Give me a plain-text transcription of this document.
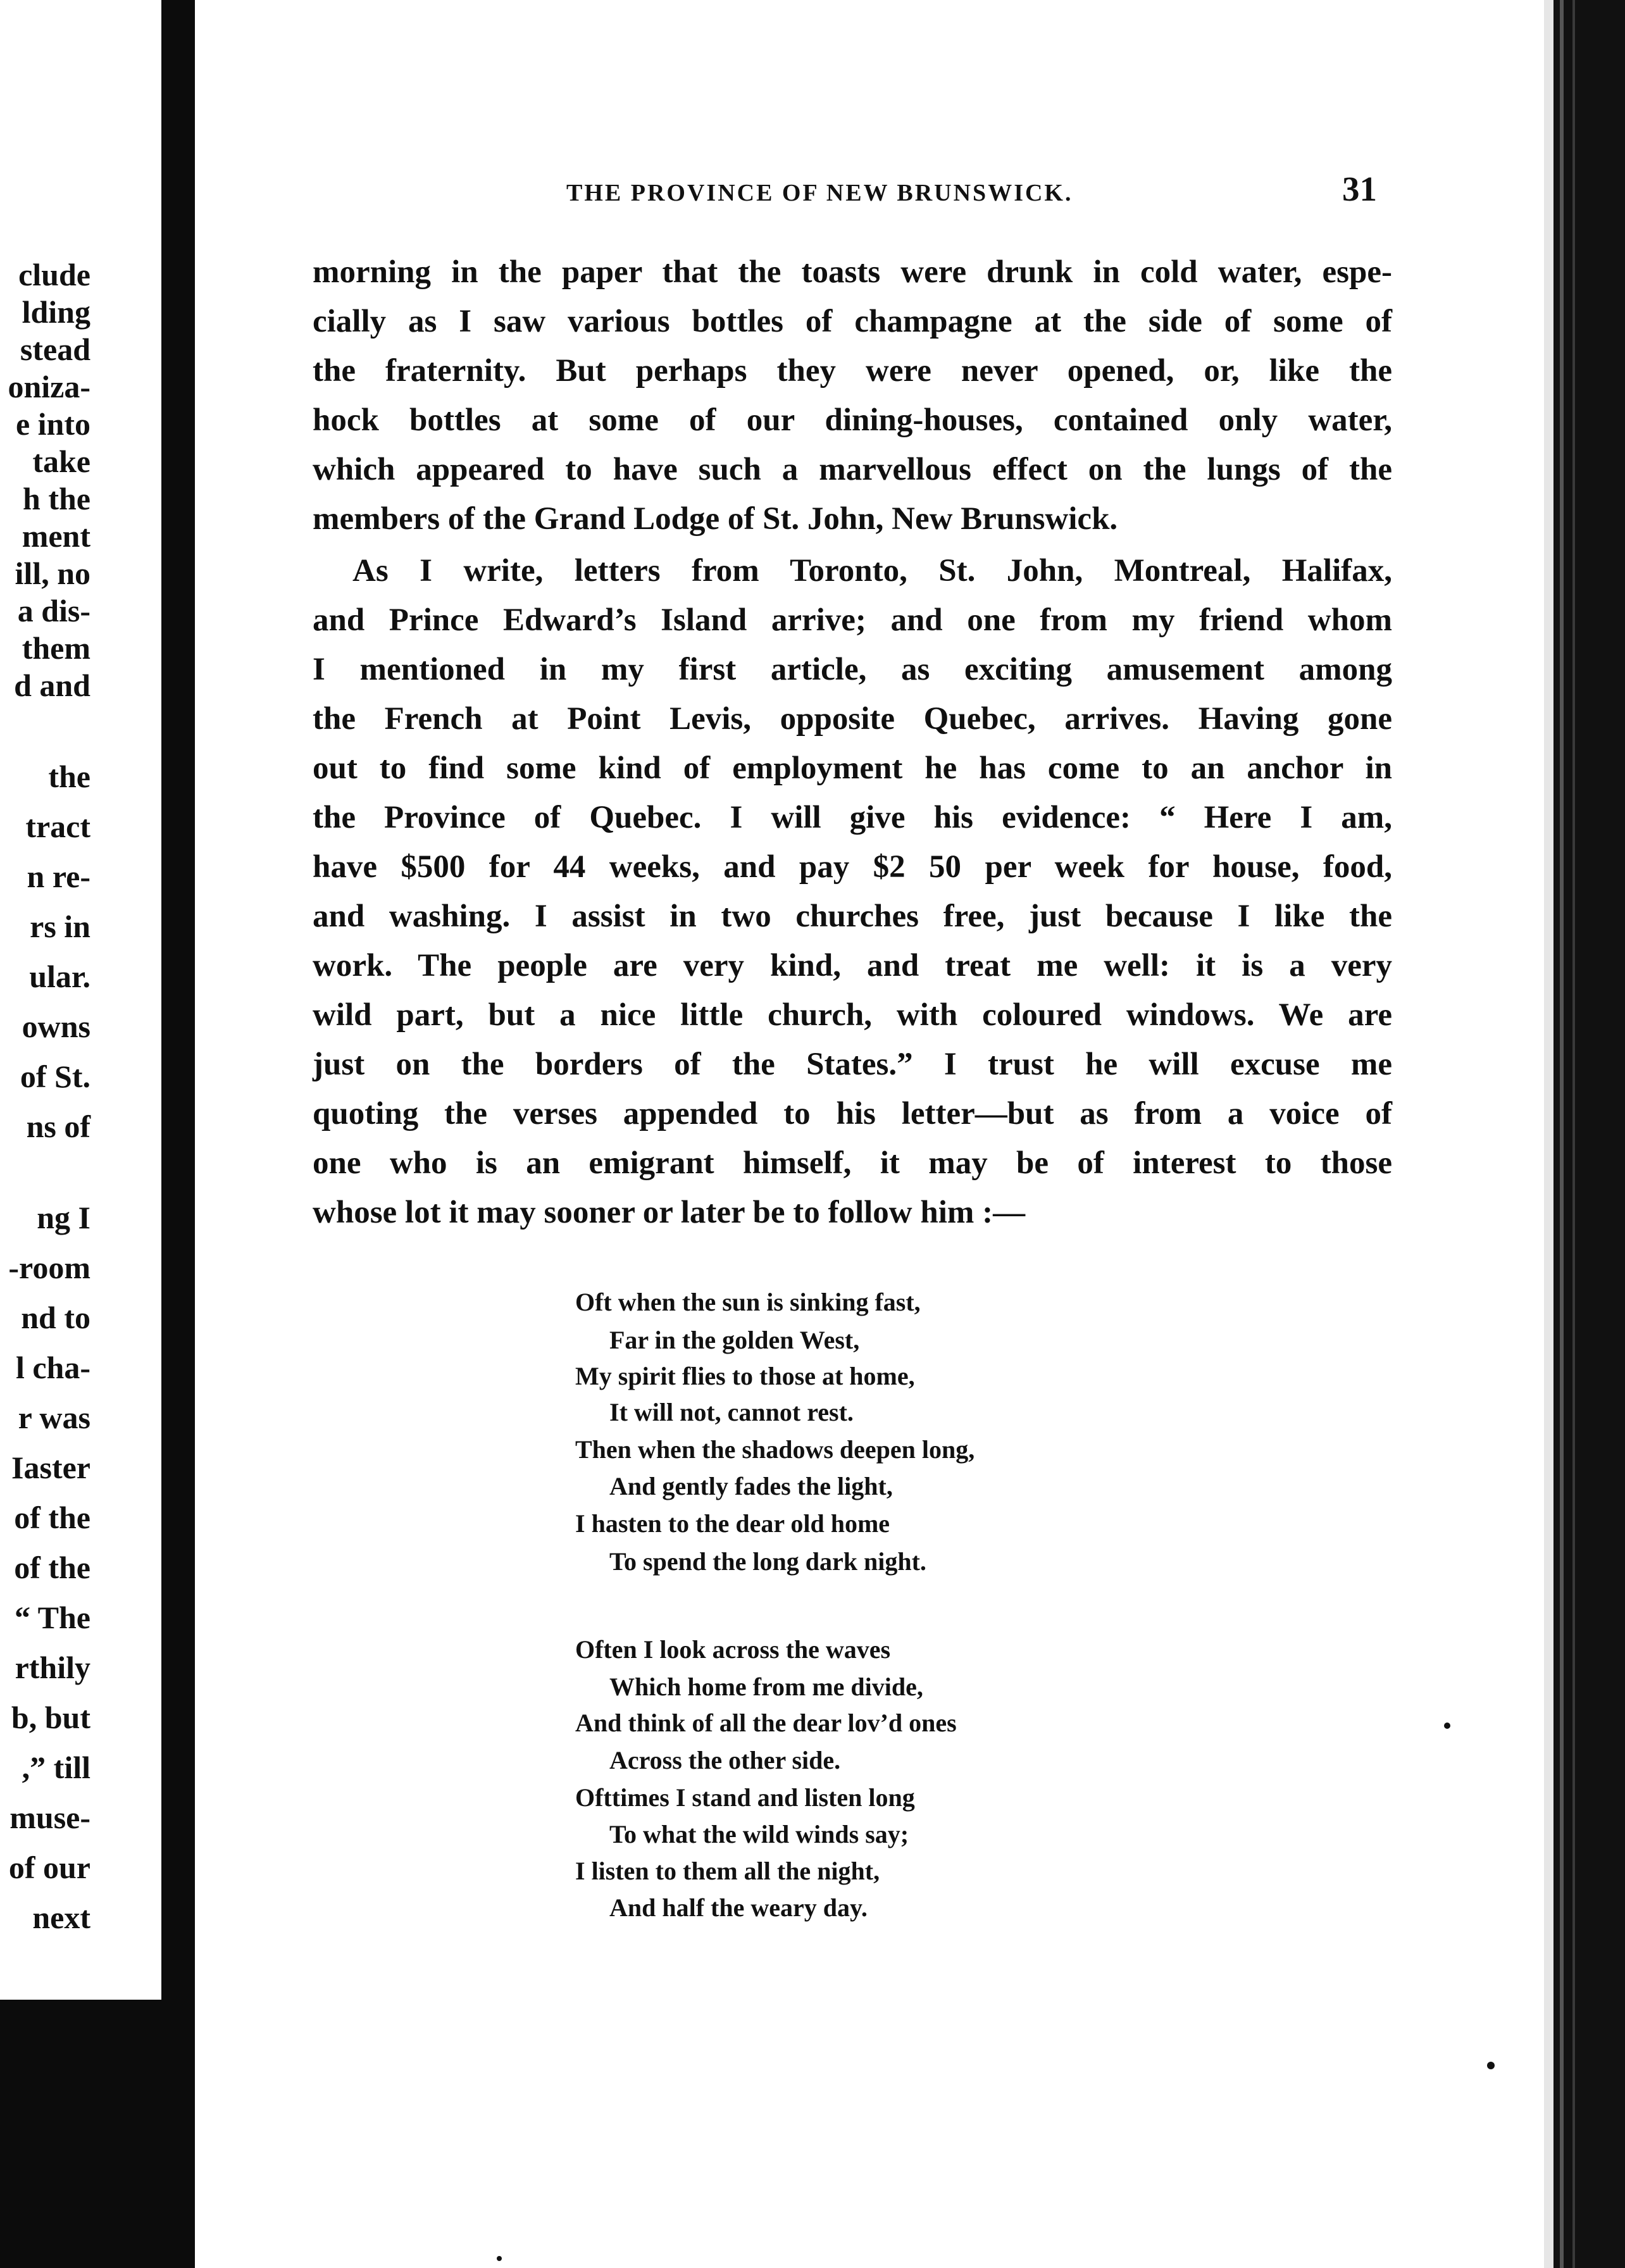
clude
lding
stead
oniza-
e into
take
h the
ment
ill, no
a dis-
them
d and
the
tract
n re-
rs in
ular.
owns
of St.
ns of
ng I
-room
nd to
l cha-
r was
Iaster
of the
of the
“ The
rthily
b, but
,” till
muse-
of our
next
THE PROVINCE OF NEW BRUNSWICK.	31
morning in the paper that the toasts were drunk in cold water, espe-
cially as I saw various bottles of champagne at the side of some of
the fraternity. But perhaps they were never opened, or, like the
hock bottles at some of our dining-houses, contained only water,
which appeared to have such a marvellous effect on the lungs of the
members of the Grand Lodge of St. John, New Brunswick.
As I write, letters from Toronto, St. John, Montreal, Halifax,
and Prince Edward’s Island arrive; and one from my friend whom
I mentioned in my first article, as exciting amusement among
the French at Point Levis, opposite Quebec, arrives. Having gone
out to find some kind of employment he has come to an anchor in
the Province of Quebec. I will give his evidence: “ Here I am,
have $500 for 44 weeks, and pay $2 50 per week for house, food,
and washing. I assist in two churches free, just because I like the
work. The people are very kind, and treat me well: it is a very
wild part, but a nice little church, with coloured windows. We are
just on the borders of the States.” I trust he will excuse me
quoting the verses appended to his letter—but as from a voice of
one who is an emigrant himself, it may be of interest to those
whose lot it may sooner or later be to follow him :—
Oft when the sun is sinking fast,
Far in the golden West,
My spirit flies to those at home,
It will not, cannot rest.
Then when the shadows deepen long,
And gently fades the light,
I hasten to the dear old home
To spend the long dark night.
Often I look across the waves
Which home from me divide,
And think of all the dear lov’d ones
Across the other side.
Ofttimes I stand and listen long
To what the wild winds say;
I listen to them all the night,
And half the weary day.
